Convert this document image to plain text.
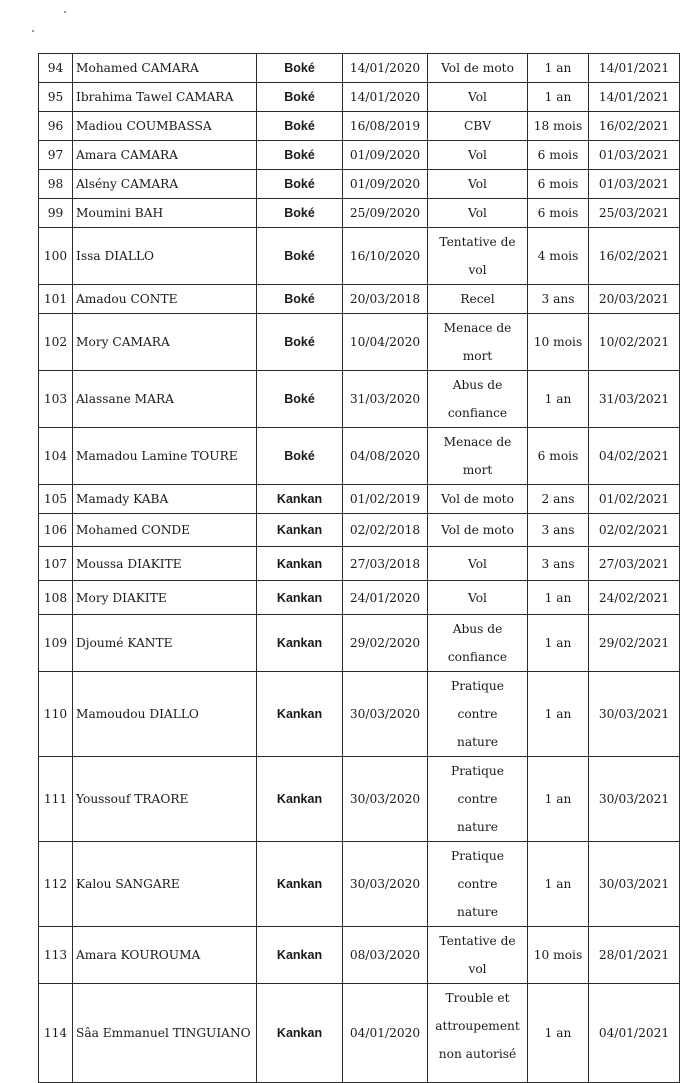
94	Mohamed CAMARA	Boké	14/01/2020	Vol de moto	1 an	14/01/2021
95	Ibrahima Tawel CAMARA	Boké	14/01/2020	Vol	1 an	14/01/2021
96	Madiou COUMBASSA	Boké	16/08/2019	CBV	18 mois	16/02/2021
97	Amara CAMARA	Boké	01/09/2020	Vol	6 mois	01/03/2021
98	Alsény CAMARA	Boké	01/09/2020	Vol	6 mois	01/03/2021
99	Moumini BAH	Boké	25/09/2020	Vol	6 mois	25/03/2021
100	Issa DIALLO	Boké	16/10/2020	Tentative de vol	4 mois	16/02/2021
101	Amadou CONTE	Boké	20/03/2018	Recel	3 ans	20/03/2021
102	Mory CAMARA	Boké	10/04/2020	Menace de
mort	10 mois	10/02/2021
103	Alassane MARA	Boké	31/03/2020	Abus de
confiance	1 an	31/03/2021
104	Mamadou Lamine TOURE	Boké	04/08/2020	Menace de
mort	6 mois	04/02/2021
105	Mamady KABA	Kankan	01/02/2019	Vol de moto	2 ans	01/02/2021
106	Mohamed CONDE	Kankan	02/02/2018	Vol de moto	3 ans	02/02/2021
107	Moussa DIAKITE	Kankan	27/03/2018	Vol	3 ans	27/03/2021
108	Mory DIAKITE	Kankan	24/01/2020	Vol	1 an	24/02/2021
109	Djoumé KANTE	Kankan	29/02/2020	Abus de
confiance	1 an	29/02/2021
110	Mamoudou DIALLO	Kankan	30/03/2020	Pratique contre
nature	1 an	30/03/2021
111	Youssouf TRAORE	Kankan	30/03/2020	Pratique contre
nature	1 an	30/03/2021
112	Kalou SANGARE	Kankan	30/03/2020	Pratique contre
nature	1 an	30/03/2021
113	Amara KOUROUMA	Kankan	08/03/2020	Tentative de vol	10 mois	28/01/2021
114	Sâa Emmanuel TINGUIANO	Kankan	04/01/2020	Trouble et
attroupement
non autorisé	1 an	04/01/2021
